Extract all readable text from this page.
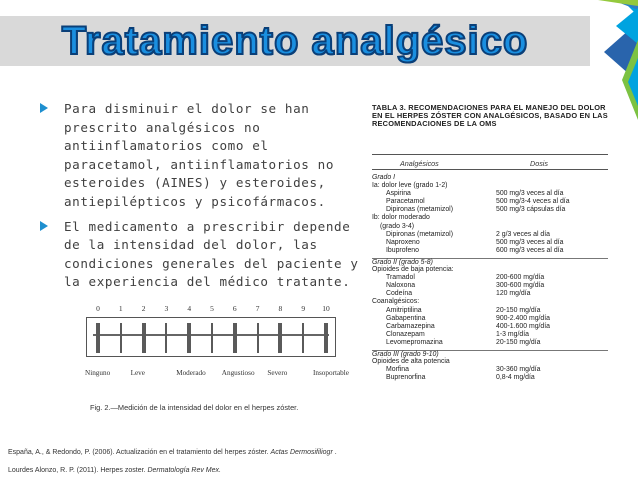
Tratamiento analgésico
Para disminuir el dolor se han prescrito analgésicos no antiinflamatorios como el paracetamol, antiinflamatorios no esteroides (AINES) y esteroides, antiepilépticos y psicofármacos.
El medicamento a prescribir depende de la intensidad del dolor, las condiciones generales del paciente y la experiencia del médico tratante.
0	1	2	3	4	5	6	7	8	9	10
Ninguno	Leve	Moderado Angustioso Severo	Insoportable
Fig. 2.—Medición de la intensidad del dolor en el herpes zóster.
TABLA 3. RECOMENDACIONES PARA EL MANEJO DEL DOLOR EN EL HERPES ZÓSTER CON ANALGÉSICOS, BASADO EN LAS RECOMENDACIONES DE LA OMS
Analgésicos	Dosis
Grado I
Ia: dolor leve (grado 1-2)
Aspirina	500 mg/3 veces al día
Paracetamol	500 mg/3-4 veces al día
Dipironas (metamizol)	500 mg/3 cápsulas día
Ib: dolor moderado
(grado 3-4)
Dipironas (metamizol)	2 g/3 veces al día
Naproxeno	500 mg/3 veces al día
Ibuprofeno	600 mg/3 veces al día
Grado II (grado 5-8)
Opioides de baja potencia:
Tramadol	200-600 mg/día
Naloxona	300-600 mg/día
Codeína	120 mg/día
Coanalgésicos:
Amitriptilina	20-150 mg/día
Gabapentina	900-2.400 mg/día
Carbamazepina	400-1.600 mg/día
Clonazepam	1-3 mg/día
Levomepromazina	20-150 mg/día
Grado III (grado 9-10)
Opioides de alta potencia
Morfina	30-360 mg/día
Buprenorfina	0,8-4 mg/día
España, A., & Redondo, P. (2006). Actualización en el tratamiento del herpes zóster. Actas Dermosifiliogr .
Lourdes Alonzo, R. P. (2011). Herpes zoster. Dermatología Rev Mex.
